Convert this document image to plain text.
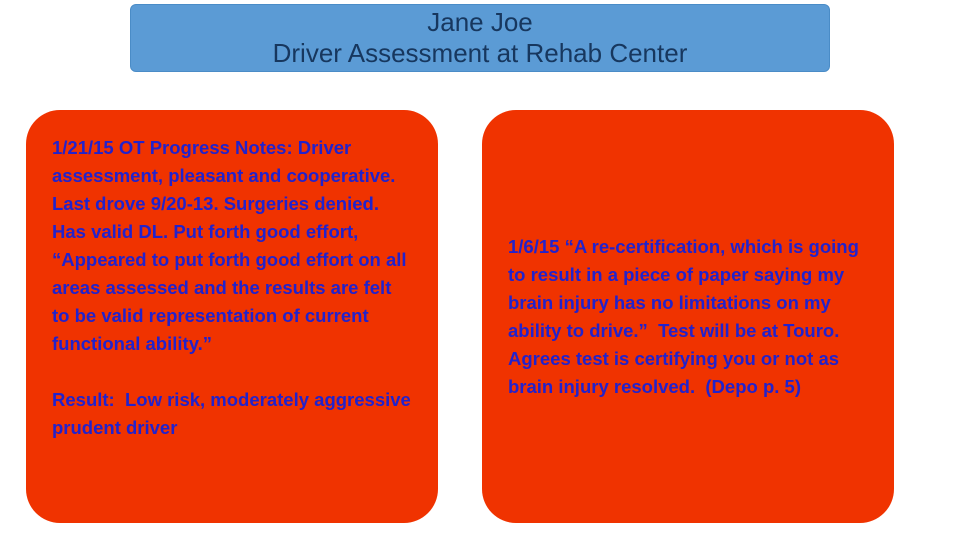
Jane Joe
Driver Assessment at Rehab Center

1/21/15 OT Progress Notes: Driver assessment, pleasant and cooperative.  Last drove 9/20-13. Surgeries denied.  Has valid DL. Put forth good effort, “Appeared to put forth good effort on all areas assessed and the results are felt to be valid representation of current functional ability.”

Result:  Low risk, moderately aggressive prudent driver

1/6/15 “A re-certification, which is going to result in a piece of paper saying my brain injury has no limitations on my ability to drive.”  Test will be at Touro.  Agrees test is certifying you or not as brain injury resolved.  (Depo p. 5)
